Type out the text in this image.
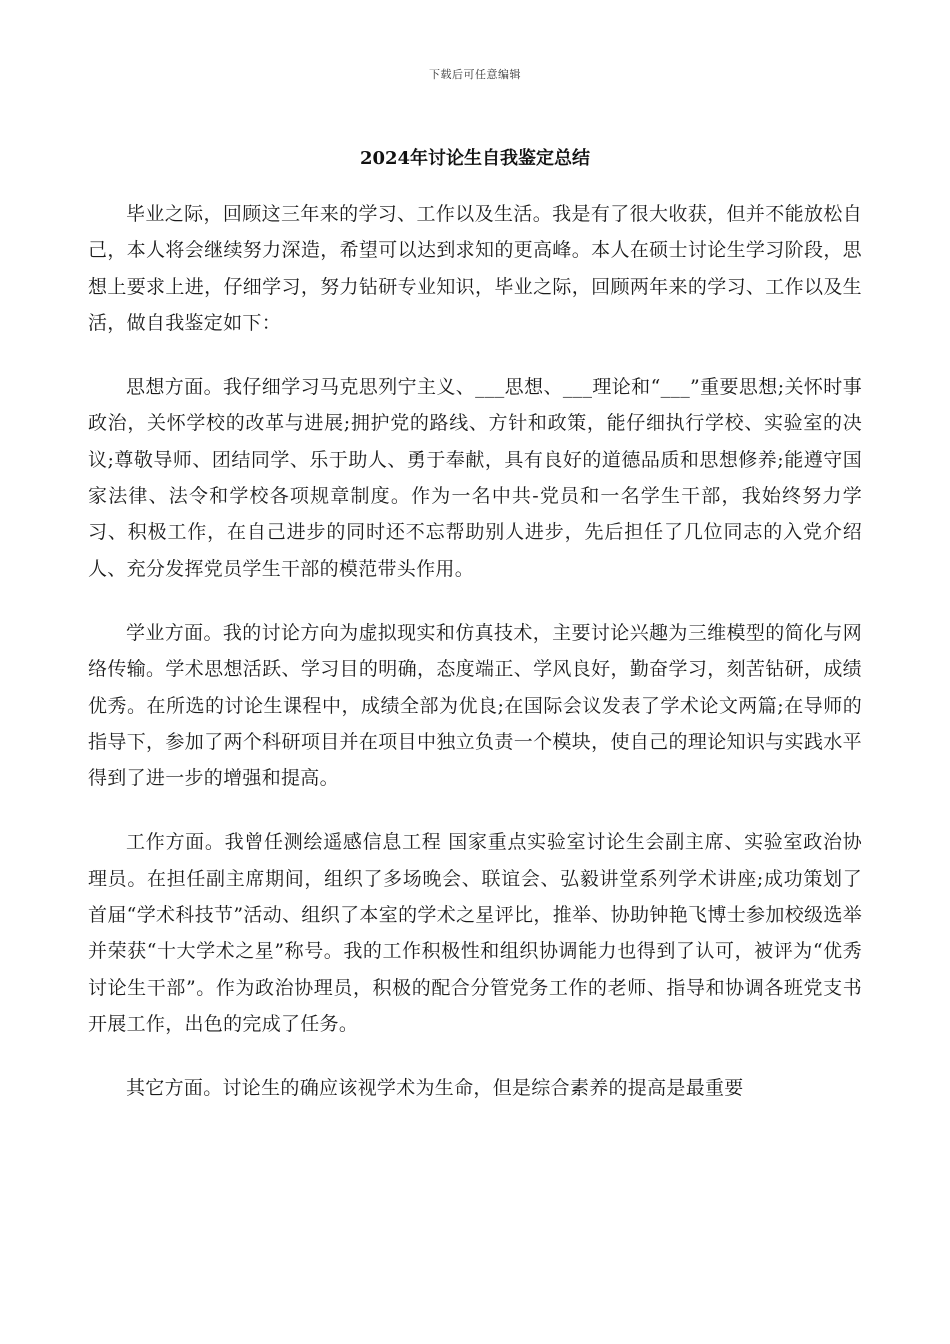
下载后可任意编辑
2024年讨论生自我鉴定总结

毕业之际，回顾这三年来的学习、工作以及生活。我是有了很大收获，但并不能放松自己，本人将会继续努力深造，希望可以达到求知的更高峰。本人在硕士讨论生学习阶段，思想上要求上进，仔细学习，努力钻研专业知识，毕业之际，回顾两年来的学习、工作以及生活，做自我鉴定如下：

思想方面。我仔细学习马克思列宁主义、___思想、___理论和“___”重要思想;关怀时事政治，关怀学校的改革与进展;拥护党的路线、方针和政策，能仔细执行学校、实验室的决议;尊敬导师、团结同学、乐于助人、勇于奉献，具有良好的道德品质和思想修养;能遵守国家法律、法令和学校各项规章制度。作为一名中共-党员和一名学生干部，我始终努力学习、积极工作，在自己进步的同时还不忘帮助别人进步，先后担任了几位同志的入党介绍人、充分发挥党员学生干部的模范带头作用。

学业方面。我的讨论方向为虚拟现实和仿真技术，主要讨论兴趣为三维模型的简化与网络传输。学术思想活跃、学习目的明确，态度端正、学风良好，勤奋学习，刻苦钻研，成绩优秀。在所选的讨论生课程中，成绩全部为优良;在国际会议发表了学术论文两篇;在导师的指导下，参加了两个科研项目并在项目中独立负责一个模块，使自己的理论知识与实践水平得到了进一步的增强和提高。

工作方面。我曾任测绘遥感信息工程 国家重点实验室讨论生会副主席、实验室政治协理员。在担任副主席期间，组织了多场晚会、联谊会、弘毅讲堂系列学术讲座;成功策划了首届“学术科技节”活动、组织了本室的学术之星评比，推举、协助钟艳飞博士参加校级选举并荣获“十大学术之星”称号。我的工作积极性和组织协调能力也得到了认可，被评为“优秀讨论生干部”。作为政治协理员，积极的配合分管党务工作的老师、指导和协调各班党支书开展工作，出色的完成了任务。

其它方面。讨论生的确应该视学术为生命，但是综合素养的提高是最重要
